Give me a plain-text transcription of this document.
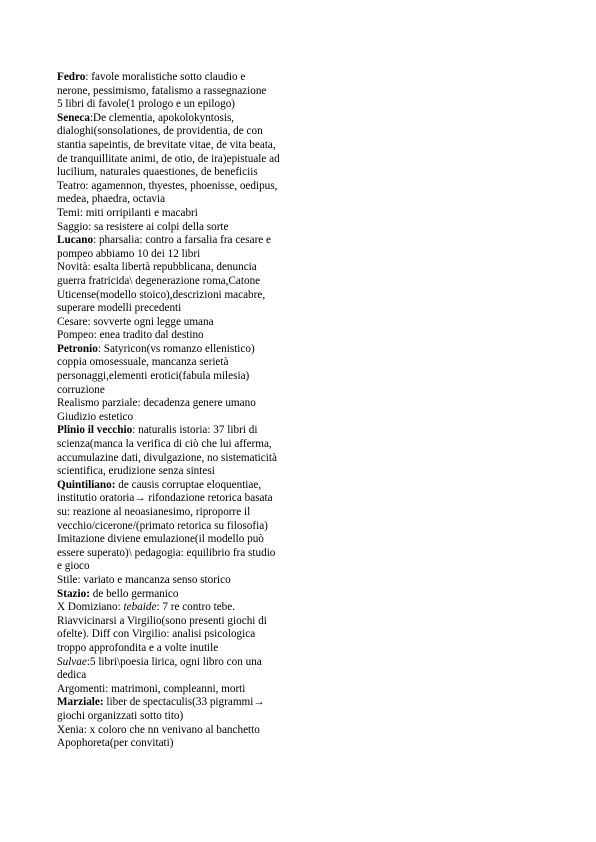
Fedro: favole moralistiche sotto claudio e
nerone, pessimismo, fatalismo a rassegnazione
5 libri di favole(1 prologo e un epilogo)
Seneca:De clementia, apokolokyntosis,
dialoghi(sonsolationes, de providentia, de con
stantia sapeintis, de brevitate vitae, de vita beata,
de tranquillitate animi, de otio, de ira)epistuale ad
lucilium, naturales quaestiones, de beneficiis
Teatro: agamennon, thyestes, phoenisse, oedipus,
medea, phaedra, octavia
Temi: miti orripilanti e macabri
Saggio: sa resistere ai colpi della sorte
Lucano: pharsalia: contro a farsalia fra cesare e
pompeo abbiamo 10 dei 12 libri
Novità: esalta libertà repubblicana, denuncia
guerra fratricida\ degenerazione roma,Catone
Uticense(modello stoico),descrizioni macabre,
superare modelli precedenti
Cesare: sovverte ogni legge umana
Pompeo: enea tradito dal destino
Petronio: Satyricon(vs romanzo ellenistico)
coppia omosessuale, mancanza serietà
personaggi,elementi erotici(fabula milesia)
corruzione
Realismo parziale: decadenza genere umano
Giudizio estetico
Plinio il vecchio: naturalis istoria: 37 libri di
scienza(manca la verifica di ciò che lui afferma,
accumulazine dati, divulgazione, no sistematicità
scientifica, erudizione senza sintesi
Quintiliano: de causis corruptae eloquentiae,
institutio oratoria→ rifondazione retorica basata
su: reazione al neoasianesimo, riproporre il
vecchio/cicerone/(primato retorica su filosofia)
Imitazione diviene emulazione(il modello può
essere superato)\ pedagogia: equilibrio fra studio
e gioco
Stile: variato e mancanza senso storico
Stazio: de bello germanico
X Domiziano: tebaide: 7 re contro tebe.
Riavvicinarsi a Virgilio(sono presenti giochi di
ofelte). Diff con Virgilio: analisi psicologica
troppo approfondita e a volte inutile
Sulvae:5 libri\poesia lirica, ogni libro con una
dedica
Argomenti: matrimoni, compleanni, morti
Marziale: liber de spectaculis(33 pigrammi→
giochi organizzati sotto tito)
Xenia: x coloro che nn venivano al banchetto
Apophoreta(per convitati)
